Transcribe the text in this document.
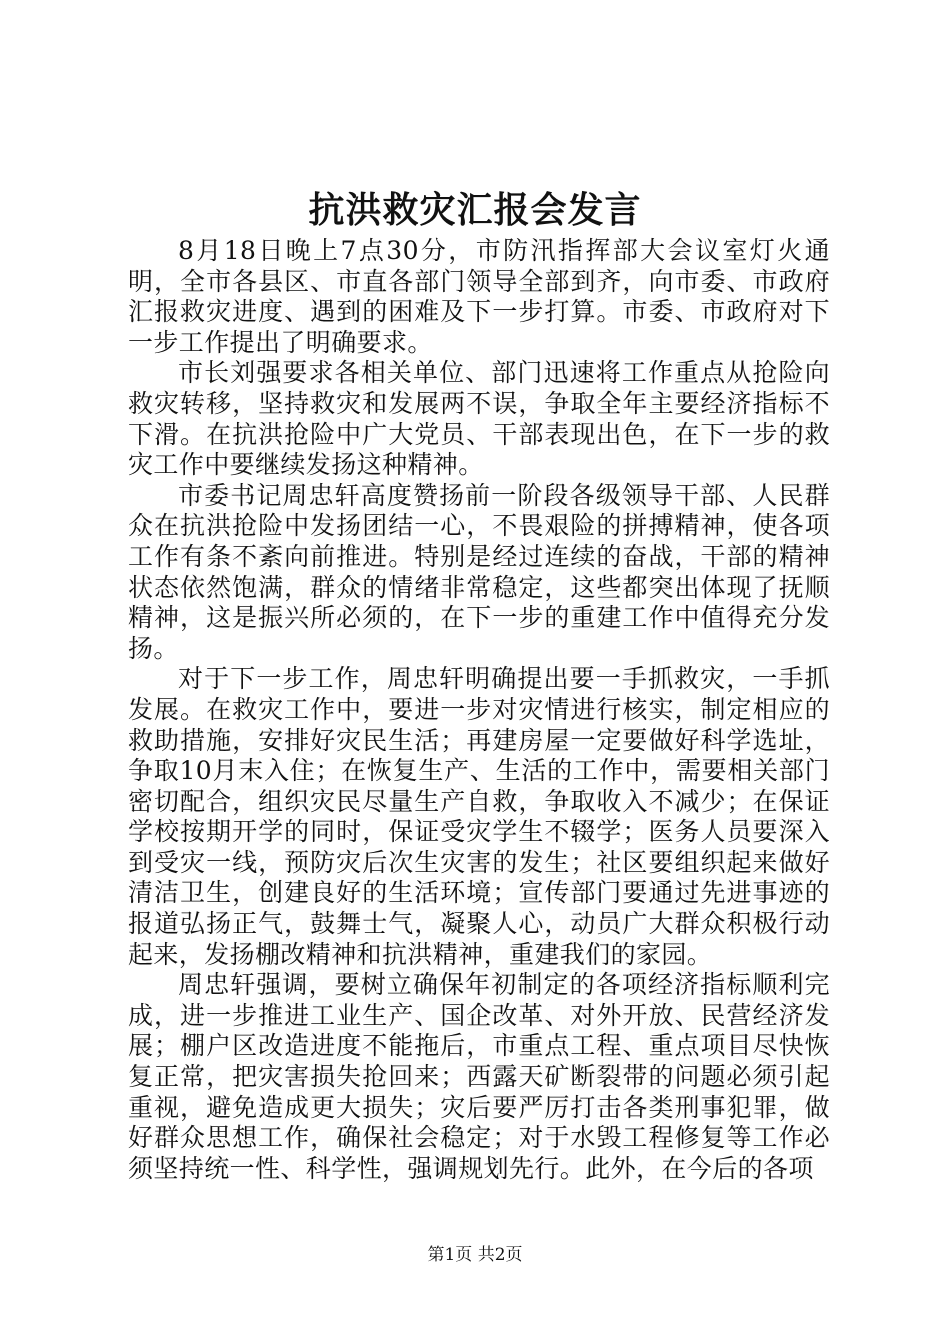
抗洪救灾汇报会发言

8月18日晚上7点30分，市防汛指挥部大会议室灯火通明，全市各县区、市直各部门领导全部到齐，向市委、市政府汇报救灾进度、遇到的困难及下一步打算。市委、市政府对下一步工作提出了明确要求。

市长刘强要求各相关单位、部门迅速将工作重点从抢险向救灾转移，坚持救灾和发展两不误，争取全年主要经济指标不下滑。在抗洪抢险中广大党员、干部表现出色，在下一步的救灾工作中要继续发扬这种精神。

市委书记周忠轩高度赞扬前一阶段各级领导干部、人民群众在抗洪抢险中发扬团结一心，不畏艰险的拼搏精神，使各项工作有条不紊向前推进。特别是经过连续的奋战，干部的精神状态依然饱满，群众的情绪非常稳定，这些都突出体现了抚顺精神，这是振兴所必须的，在下一步的重建工作中值得充分发扬。

对于下一步工作，周忠轩明确提出要一手抓救灾，一手抓发展。在救灾工作中，要进一步对灾情进行核实，制定相应的救助措施，安排好灾民生活；再建房屋一定要做好科学选址，争取10月末入住；在恢复生产、生活的工作中，需要相关部门密切配合，组织灾民尽量生产自救，争取收入不减少；在保证学校按期开学的同时，保证受灾学生不辍学；医务人员要深入到受灾一线，预防灾后次生灾害的发生；社区要组织起来做好清洁卫生，创建良好的生活环境；宣传部门要通过先进事迹的报道弘扬正气，鼓舞士气，凝聚人心，动员广大群众积极行动起来，发扬棚改精神和抗洪精神，重建我们的家园。

周忠轩强调，要树立确保年初制定的各项经济指标顺利完成，进一步推进工业生产、国企改革、对外开放、民营经济发展；棚户区改造进度不能拖后，市重点工程、重点项目尽快恢复正常，把灾害损失抢回来；西露天矿断裂带的问题必须引起重视，避免造成更大损失；灾后要严厉打击各类刑事犯罪，做好群众思想工作，确保社会稳定；对于水毁工程修复等工作必须坚持统一性、科学性，强调规划先行。此外，在今后的各项

第1页 共2页
